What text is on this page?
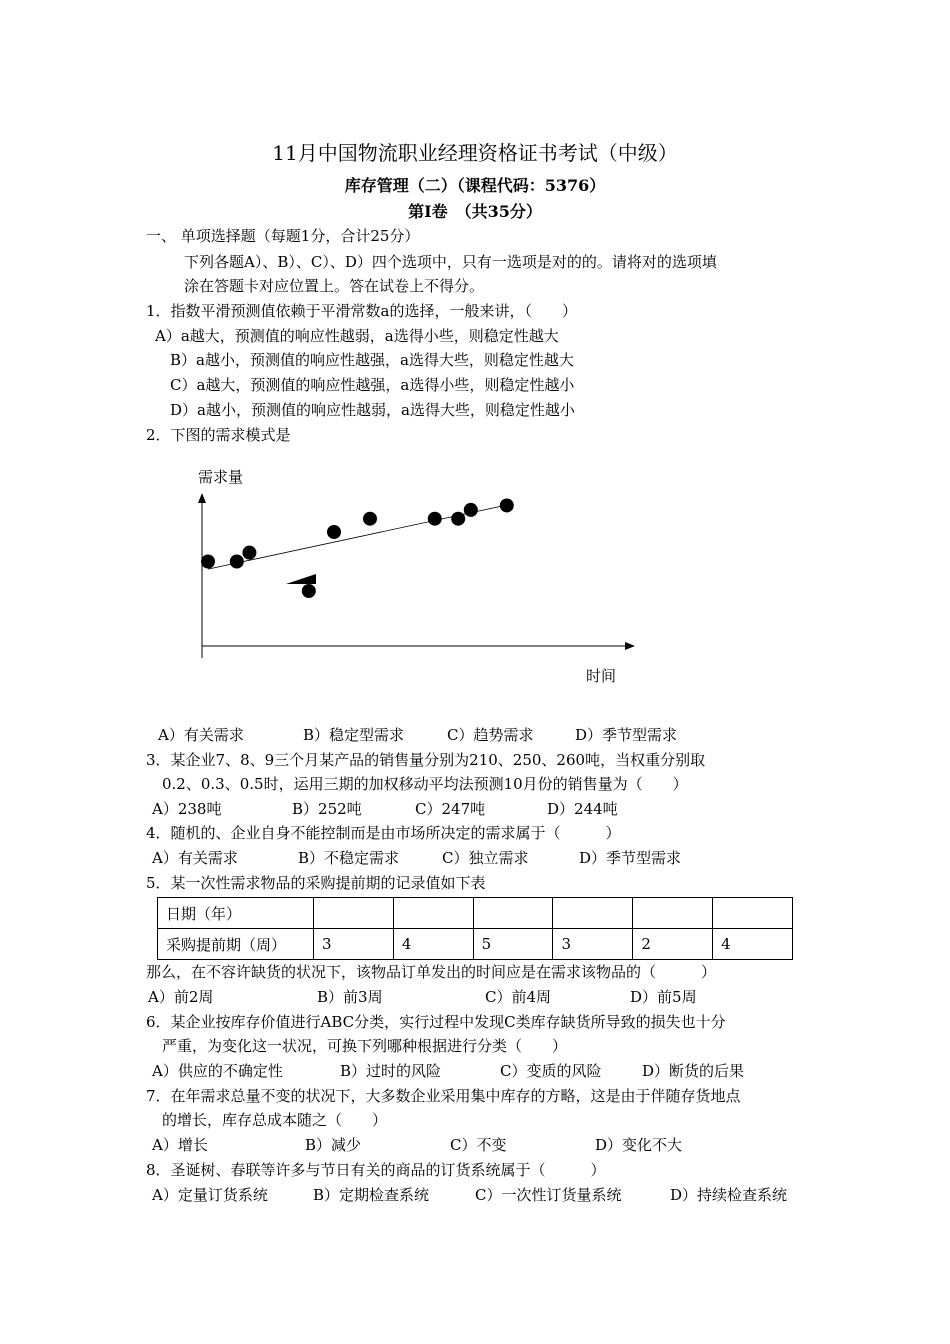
11月中国物流职业经理资格证书考试（中级）
库存管理（二）（课程代码：5376）
第I卷　（共35分）
一、 单项选择题（每题1分，合计25分）
下列各题A）、B）、C）、D）四个选项中，只有一选项是对的的。请将对的选项填
涂在答题卡对应位置上。答在试卷上不得分。
1．指数平滑预测值依赖于平滑常数a的选择，一般来讲，（　　）
A）a越大，预测值的响应性越弱，a选得小些，则稳定性越大
B）a越小，预测值的响应性越强，a选得大些，则稳定性越大
C）a越大，预测值的响应性越强，a选得小些，则稳定性越小
D）a越小，预测值的响应性越弱，a选得大些，则稳定性越小
2．下图的需求模式是
需求量
时间
A）有关需求	B）稳定型需求	C）趋势需求	D）季节型需求
3．某企业7、8、9三个月某产品的销售量分别为210、250、260吨，当权重分别取
0.2、0.3、0.5时，运用三期的加权移动平均法预测10月份的销售量为（　　）
A）238吨	B）252吨	C）247吨	D）244吨
4．随机的、企业自身不能控制而是由市场所决定的需求属于（　　　）
A）有关需求	B）不稳定需求	C）独立需求	D）季节型需求
5．某一次性需求物品的采购提前期的记录值如下表
日期（年）						
采购提前期（周）	3	4	5	3	2	4
那么，在不容许缺货的状况下，该物品订单发出的时间应是在需求该物品的（　　　）
A）前2周	B）前3周	C）前4周	D）前5周
6．某企业按库存价值进行ABC分类，实行过程中发现C类库存缺货所导致的损失也十分
严重，为变化这一状况，可换下列哪种根据进行分类（　　）
A）供应的不确定性	B）过时的风险	C）变质的风险	D）断货的后果
7．在年需求总量不变的状况下，大多数企业采用集中库存的方略，这是由于伴随存货地点
的增长，库存总成本随之（　　）
A）增长	B）减少	C）不变	D）变化不大
8．圣诞树、春联等许多与节日有关的商品的订货系统属于（　　　）
A）定量订货系统	B）定期检查系统	C）一次性订货量系统	D）持续检查系统
